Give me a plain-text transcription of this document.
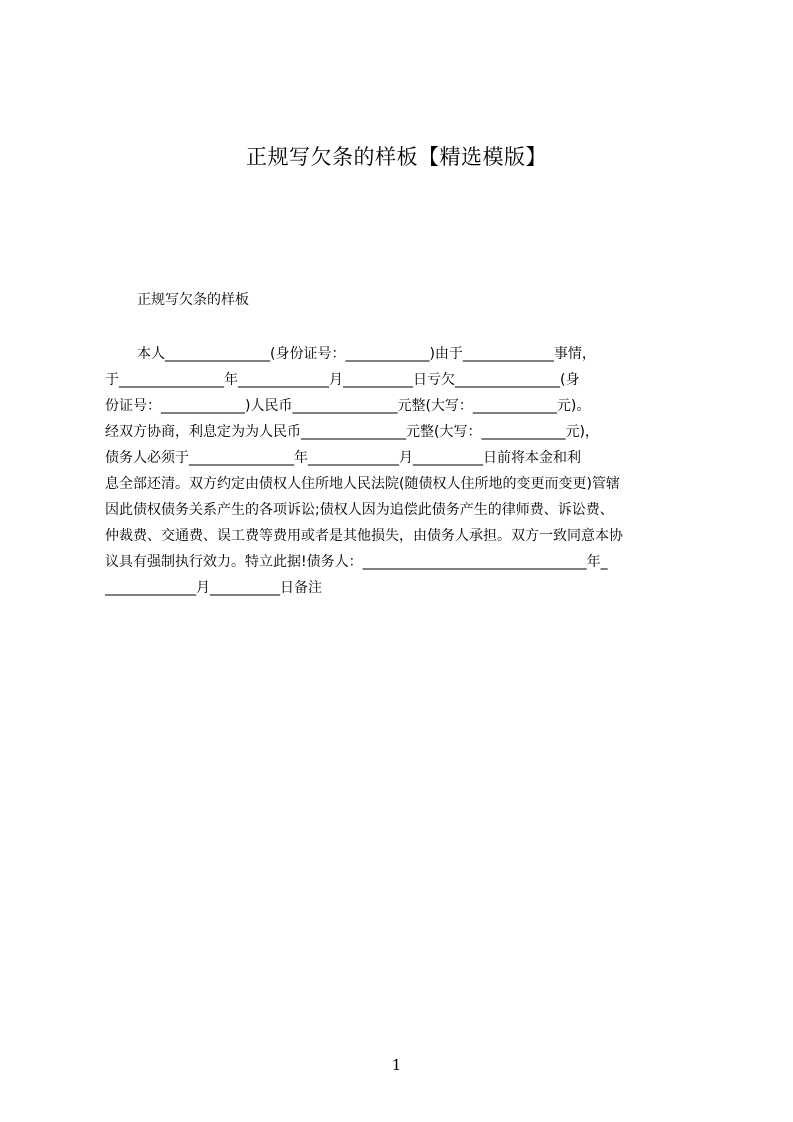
正规写欠条的样板【精选模版】
正规写欠条的样板
本人_______________(身份证号：____________)由于_____________事情，
于_______________年_____________月__________日亏欠_______________(身
份证号：____________)人民币_______________元整(大写：____________元)。
经双方协商，利息定为为人民币_______________元整(大写：____________元)，
债务人必须于_______________年_____________月__________日前将本金和利
息全部还清。双方约定由债权人住所地人民法院(随债权人住所地的变更而变更)管辖
因此债权债务关系产生的各项诉讼;债权人因为追偿此债务产生的律师费、诉讼费、
仲裁费、交通费、误工费等费用或者是其他损失，由债务人承担。双方一致同意本协
议具有强制执行效力。特立此据!债务人：________________________________年_
_____________月__________日备注
1
